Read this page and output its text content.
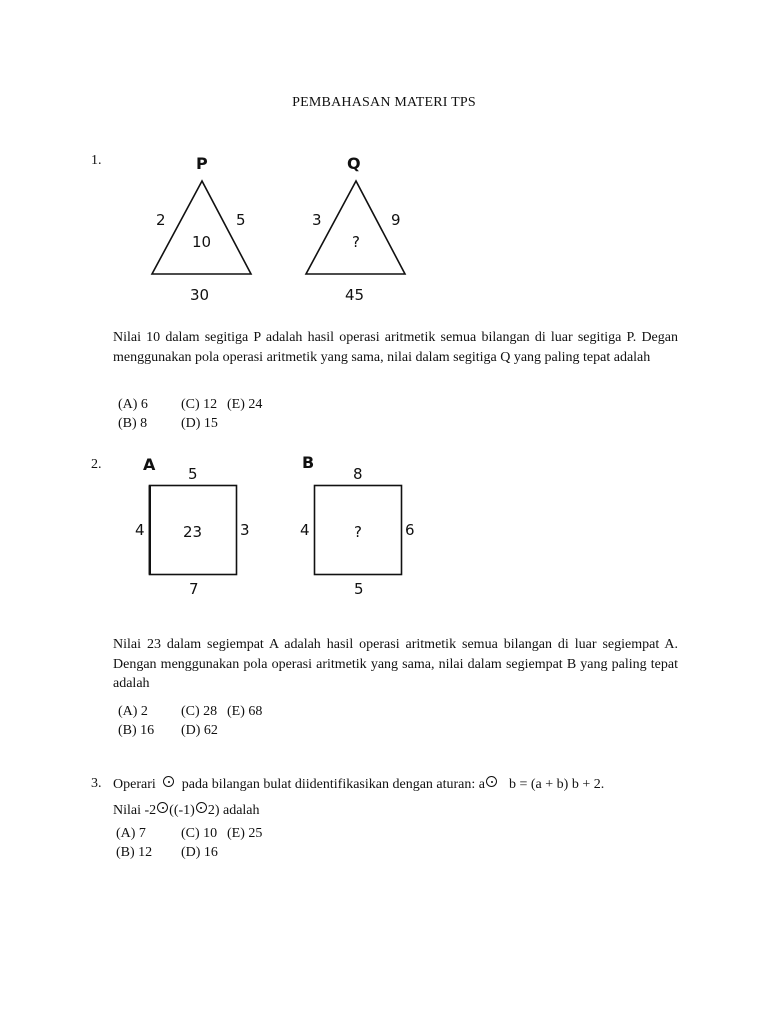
PEMBAHASAN MATERI TPS
1.	P
2	5
10
30
Q
3	9
?
45
Nilai 10 dalam segitiga P adalah hasil operasi aritmetik semua bilangan di luar segitiga P. Degan menggunakan pola operasi aritmetik yang sama, nilai dalam segitiga Q yang paling tepat adalah
(A) 6 (C) 12 (E) 24
(B) 8 (D) 15
2.	A 5
4	23	3
7
B
8
4	?	6
5
Nilai 23 dalam segiempat A adalah hasil operasi aritmetik semua bilangan di luar segiempat A. Dengan menggunakan pola operasi aritmetik yang sama, nilai dalam segiempat B yang paling tepat adalah
(A) 2 (C) 28 (E) 68
(B) 16 (D) 62
3. Operari pada bilangan bulat diidentifikasikan dengan aturan: a b = (a + b) b + 2.
Nilai -2 ((-1) 2) adalah
(A) 7	(C) 10 (E) 25
(B) 12 (D) 16
